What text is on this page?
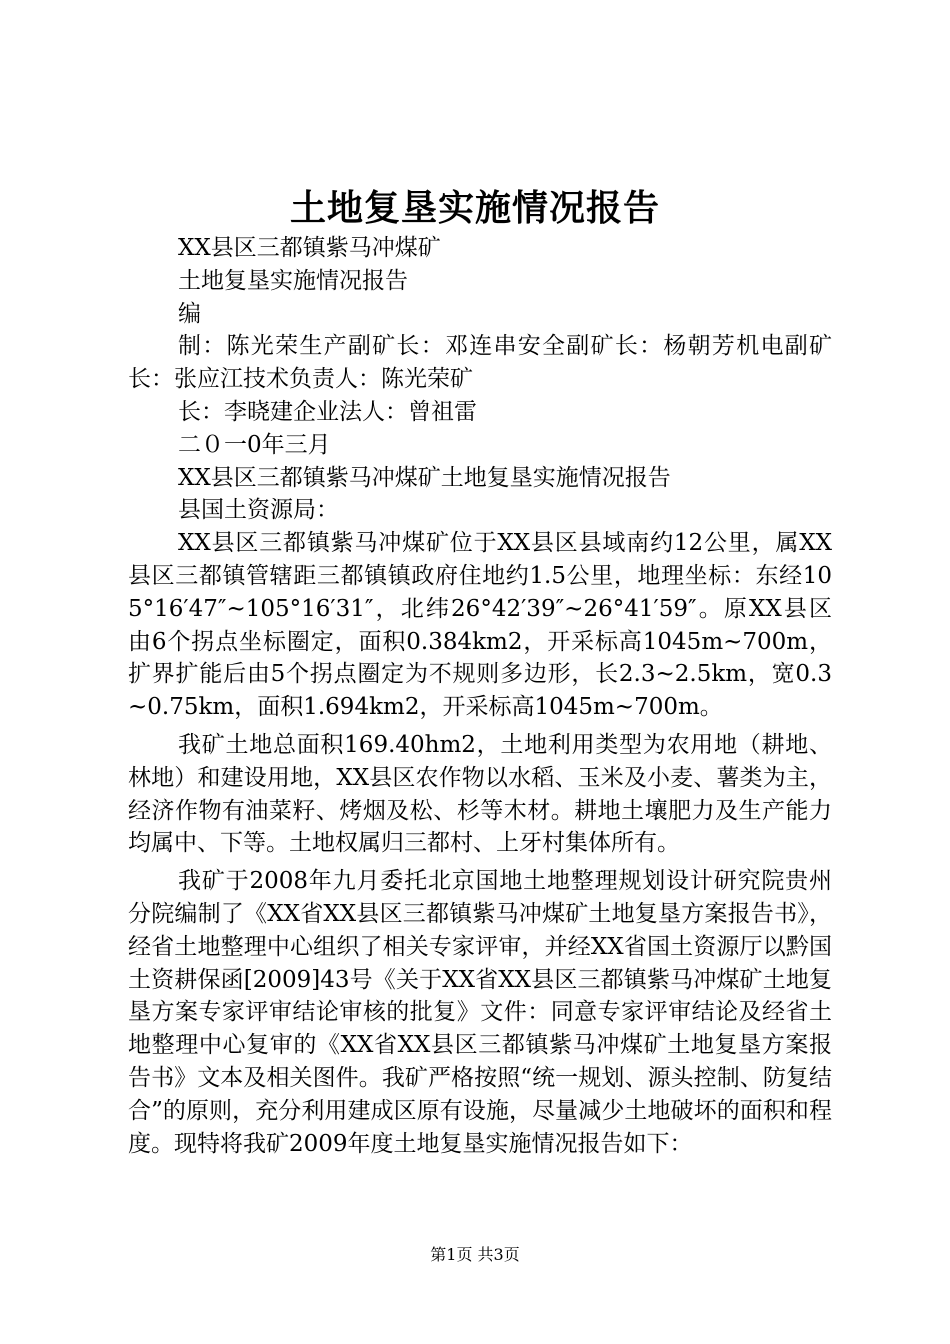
土地复垦实施情况报告

XX县区三都镇紫马冲煤矿

土地复垦实施情况报告

编

制：陈光荣生产副矿长：邓连串安全副矿长：杨朝芳机电副矿长：张应江技术负责人：陈光荣矿

长：李晓建企业法人：曾祖雷

二０一0年三月

XX县区三都镇紫马冲煤矿土地复垦实施情况报告

县国土资源局：

XX县区三都镇紫马冲煤矿位于XX县区县域南约12公里，属XX县区三都镇管辖距三都镇镇政府住地约1.5公里，地理坐标：东经105°16′47″~105°16′31″，北纬26°42′39″~26°41′59″。原XX县区由6个拐点坐标圈定，面积0.384km2，开采标高1045m~700m，扩界扩能后由5个拐点圈定为不规则多边形，长2.3~2.5km，宽0.3~0.75km，面积1.694km2，开采标高1045m~700m。

我矿土地总面积169.40hm2，土地利用类型为农用地（耕地、林地）和建设用地，XX县区农作物以水稻、玉米及小麦、薯类为主，经济作物有油菜籽、烤烟及松、杉等木材。耕地土壤肥力及生产能力均属中、下等。土地权属归三都村、上牙村集体所有。

我矿于2008年九月委托北京国地土地整理规划设计研究院贵州分院编制了《XX省XX县区三都镇紫马冲煤矿土地复垦方案报告书》，经省土地整理中心组织了相关专家评审，并经XX省国土资源厅以黔国土资耕保函[2009]43号《关于XX省XX县区三都镇紫马冲煤矿土地复垦方案专家评审结论审核的批复》文件：同意专家评审结论及经省土地整理中心复审的《XX省XX县区三都镇紫马冲煤矿土地复垦方案报告书》文本及相关图件。我矿严格按照“统一规划、源头控制、防复结合”的原则，充分利用建成区原有设施，尽量减少土地破坏的面积和程度。现特将我矿2009年度土地复垦实施情况报告如下：

第1页 共3页
